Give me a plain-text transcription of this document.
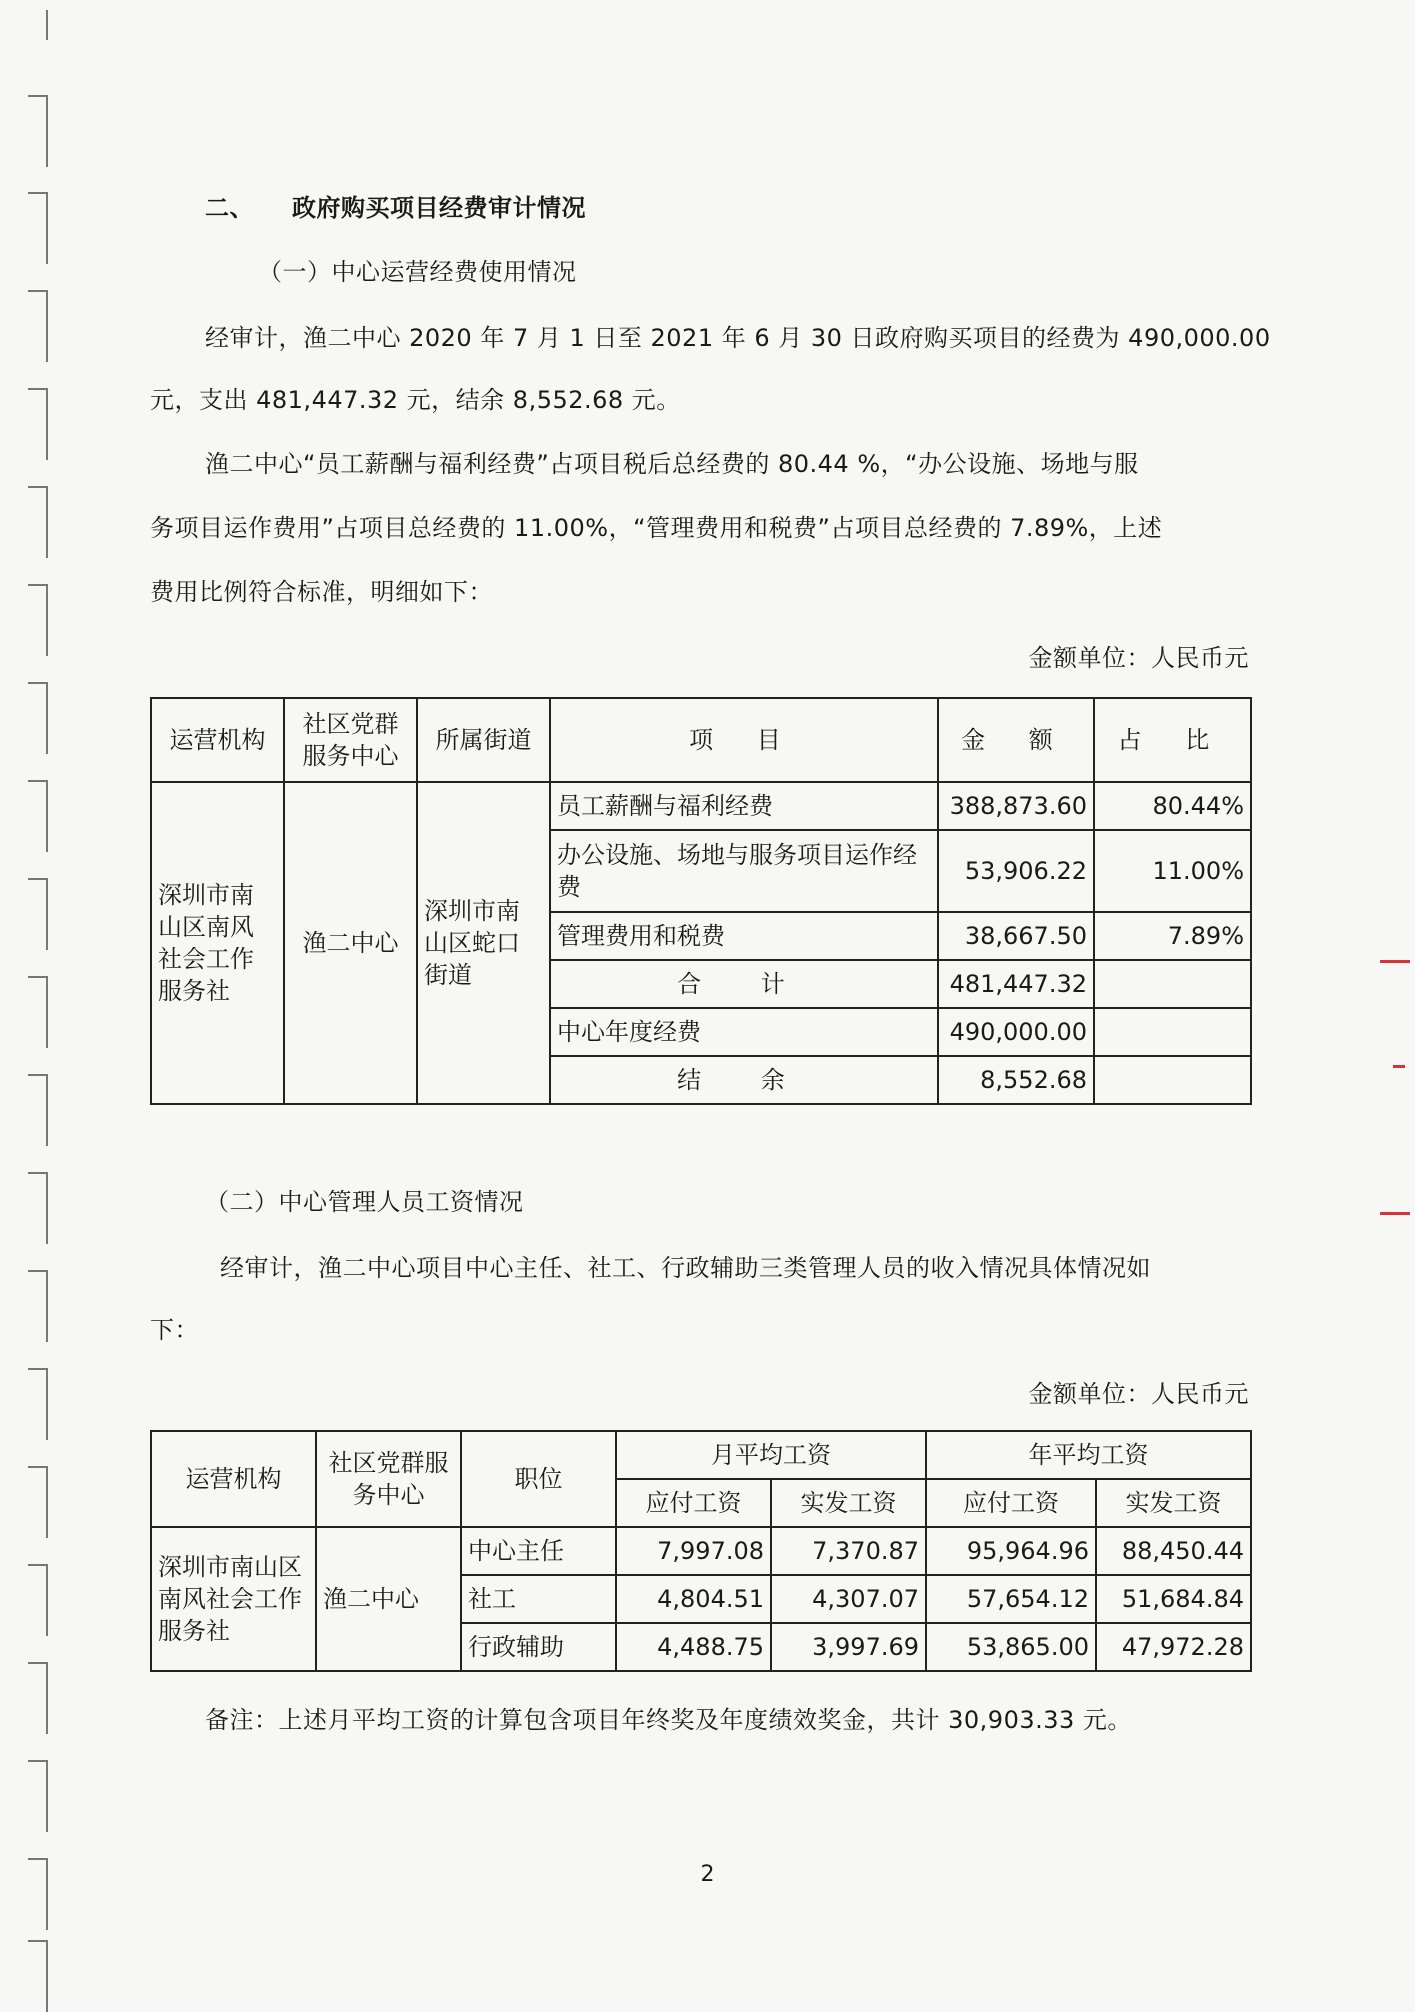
二、 政府购买项目经费审计情况
（一）中心运营经费使用情况
经审计，渔二中心 2020 年 7 月 1 日至 2021 年 6 月 30 日政府购买项目的经费为 490,000.00
元，支出 481,447.32 元，结余 8,552.68 元。
渔二中心“员工薪酬与福利经费”占项目税后总经费的 80.44 %，“办公设施、场地与服
务项目运作费用”占项目总经费的 11.00%，“管理费用和税费”占项目总经费的 7.89%，上述
费用比例符合标准，明细如下：
金额单位：人民币元
运营机构	社区党群服务中心	所属街道	项 目	金 额	占 比
深圳市南山区南风社会工作服务社	渔二中心	深圳市南山区蛇口街道	员工薪酬与福利经费	388,873.60	80.44%
			办公设施、场地与服务项目运作经费	53,906.22	11.00%
			管理费用和税费	38,667.50	7.89%
			合 计	481,447.32	
			中心年度经费	490,000.00	
			结 余	8,552.68	
（二）中心管理人员工资情况
经审计，渔二中心项目中心主任、社工、行政辅助三类管理人员的收入情况具体情况如
下：
金额单位：人民币元
运营机构	社区党群服务中心	职位	月平均工资		年平均工资	
			应付工资	实发工资	应付工资	实发工资
深圳市南山区南风社会工作服务社	渔二中心	中心主任	7,997.08	7,370.87	95,964.96	88,450.44
		社工	4,804.51	4,307.07	57,654.12	51,684.84
		行政辅助	4,488.75	3,997.69	53,865.00	47,972.28
备注：上述月平均工资的计算包含项目年终奖及年度绩效奖金，共计 30,903.33 元。
2
